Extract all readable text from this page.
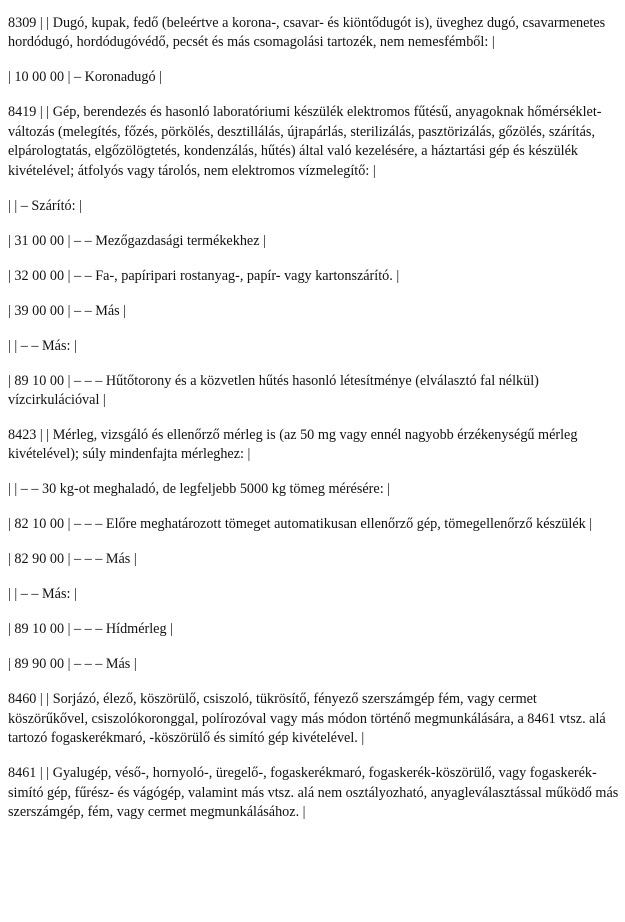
8309 | | Dugó, kupak, fedő (beleértve a korona-, csavar- és kiöntődugót is), üveghez dugó, csavarmenetes hordódugó, hordódugóvédő, pecsét és más csomagolási tartozék, nem nemesfémből: |

| 10 00 00 | – Koronadugó |

8419 | | Gép, berendezés és hasonló laboratóriumi készülék elektromos fűtésű, anyagoknak hőmérséklet-változás (melegítés, főzés, pörkölés, desztillálás, újrapárlás, sterilizálás, pasztörizálás, gőzölés, szárítás, elpárologtatás, elgőzölögtetés, kondenzálás, hűtés) által való kezelésére, a háztartási gép és készülék kivételével; átfolyós vagy tárolós, nem elektromos vízmelegítő: |

| | – Szárító: |

| 31 00 00 | – – Mezőgazdasági termékekhez |

| 32 00 00 | – – Fa-, papíripari rostanyag-, papír- vagy kartonszárító. |

| 39 00 00 | – – Más |

| | – – Más: |

| 89 10 00 | – – – Hűtőtorony és a közvetlen hűtés hasonló létesítménye (elválasztó fal nélkül) vízcirkulációval |

8423 | | Mérleg, vizsgáló és ellenőrző mérleg is (az 50 mg vagy ennél nagyobb érzékenységű mérleg kivételével); súly mindenfajta mérleghez: |

| | – – 30 kg-ot meghaladó, de legfeljebb 5000 kg tömeg mérésére: |

| 82 10 00 | – – – Előre meghatározott tömeget automatikusan ellenőrző gép, tömegellenőrző készülék |

| 82 90 00 | – – – Más |

| | – – Más: |

| 89 10 00 | – – – Hídmérleg |

| 89 90 00 | – – – Más |

8460 | | Sorjázó, élező, köszörülő, csiszoló, tükrösítő, fényező szerszámgép fém, vagy cermet köszörűkővel, csiszolókoronggal, polírozóval vagy más módon történő megmunkálására, a 8461 vtsz. alá tartozó fogaskerékmaró, -köszörülő és simító gép kivételével. |

8461 | | Gyalugép, véső-, hornyoló-, üregelő-, fogaskerékmaró, fogaskerék-köszörülő, vagy fogaskerék-simító gép, fűrész- és vágógép, valamint más vtsz. alá nem osztályozható, anyagleválasztással működő más szerszámgép, fém, vagy cermet megmunkálásához. |
